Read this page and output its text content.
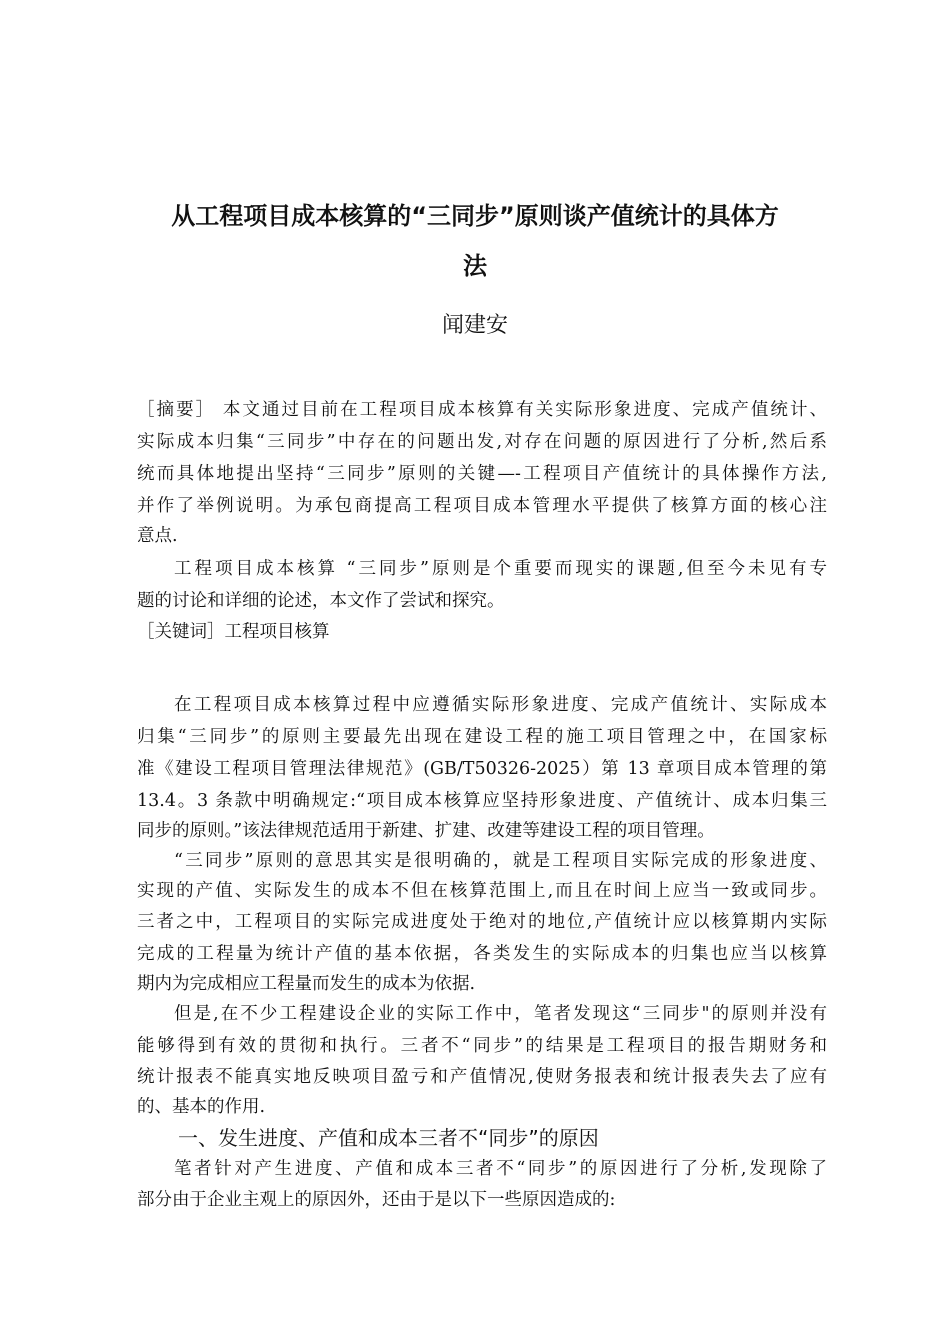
从工程项目成本核算的“三同步”原则谈产值统计的具体方
法
闻建安
［摘要］ 本文通过目前在工程项目成本核算有关实际形象进度、完成产值统计、
实际成本归集“三同步”中存在的问题出发,对存在问题的原因进行了分析,然后系
统而具体地提出坚持“三同步”原则的关键—-工程项目产值统计的具体操作方法,
并作了举例说明。为承包商提高工程项目成本管理水平提供了核算方面的核心注
意点.
工程项目成本核算 “三同步”原则是个重要而现实的课题,但至今未见有专
题的讨论和详细的论述，本文作了尝试和探究。
［关键词］工程项目核算
在工程项目成本核算过程中应遵循实际形象进度、完成产值统计、实际成本
归集“三同步”的原则主要最先出现在建设工程的施工项目管理之中，在国家标
准《建设工程项目管理法律规范》(GB/T50326-2025）第 13 章项目成本管理的第
13.4。3 条款中明确规定:“项目成本核算应坚持形象进度、产值统计、成本归集三
同步的原则。”该法律规范适用于新建、扩建、改建等建设工程的项目管理。
“三同步”原则的意思其实是很明确的，就是工程项目实际完成的形象进度、
实现的产值、实际发生的成本不但在核算范围上,而且在时间上应当一致或同步。
三者之中，工程项目的实际完成进度处于绝对的地位,产值统计应以核算期内实际
完成的工程量为统计产值的基本依据，各类发生的实际成本的归集也应当以核算
期内为完成相应工程量而发生的成本为依据.
但是,在不少工程建设企业的实际工作中，笔者发现这“三同步"的原则并没有
能够得到有效的贯彻和执行。三者不“同步”的结果是工程项目的报告期财务和
统计报表不能真实地反映项目盈亏和产值情况,使财务报表和统计报表失去了应有
的、基本的作用.
一、发生进度、产值和成本三者不“同步”的原因
笔者针对产生进度、产值和成本三者不“同步”的原因进行了分析,发现除了
部分由于企业主观上的原因外，还由于是以下一些原因造成的:
